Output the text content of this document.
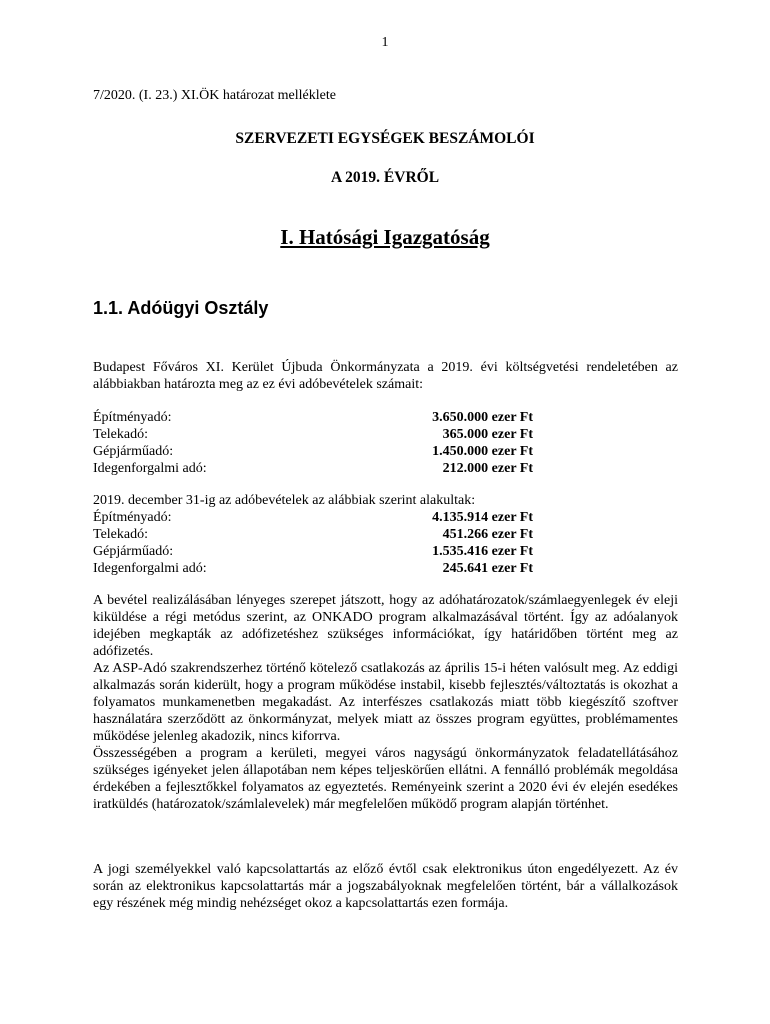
1
7/2020. (I. 23.) XI.ÖK határozat melléklete
SZERVEZETI EGYSÉGEK BESZÁMOLÓI
A 2019. ÉVRŐL
I. Hatósági Igazgatóság
1.1. Adóügyi Osztály

Budapest Főváros XI. Kerület Újbuda Önkormányzata a 2019. évi költségvetési rendeletében az alábbiakban határozta meg az ez évi adóbevételek számait:

Építményadó:	3.650.000 ezer Ft
Telekadó:	365.000 ezer Ft
Gépjárműadó:	1.450.000 ezer Ft
Idegenforgalmi adó:	212.000 ezer Ft
2019. december 31-ig az adóbevételek az alábbiak szerint alakultak:
Építményadó:	4.135.914 ezer Ft
Telekadó:	451.266 ezer Ft
Gépjárműadó:	1.535.416 ezer Ft
Idegenforgalmi adó:	245.641 ezer Ft

A bevétel realizálásában lényeges szerepet játszott, hogy az adóhatározatok/számlaegyenlegek év eleji kiküldése a régi metódus szerint, az ONKADO program alkalmazásával történt. Így az adóalanyok idejében megkapták az adófizetéshez szükséges információkat, így határidőben történt meg az adófizetés.

Az ASP-Adó szakrendszerhez történő kötelező csatlakozás az április 15-i héten valósult meg. Az eddigi alkalmazás során kiderült, hogy a program működése instabil, kisebb fejlesztés/változtatás is okozhat a folyamatos munkamenetben megakadást. Az interfészes csatlakozás miatt több kiegészítő szoftver használatára szerződött az önkormányzat, melyek miatt az összes program együttes, problémamentes működése jelenleg akadozik, nincs kiforrva.

Összességében a program a kerületi, megyei város nagyságú önkormányzatok feladatellátásához szükséges igényeket jelen állapotában nem képes teljeskörűen ellátni. A fennálló problémák megoldása érdekében a fejlesztőkkel folyamatos az egyeztetés. Reményeink szerint a 2020 évi év elején esedékes iratküldés (határozatok/számlalevelek) már megfelelően működő program alapján történhet.

A jogi személyekkel való kapcsolattartás az előző évtől csak elektronikus úton engedélyezett. Az év során az elektronikus kapcsolattartás már a jogszabályoknak megfelelően történt, bár a vállalkozások egy részének még mindig nehézséget okoz a kapcsolattartás ezen formája.
